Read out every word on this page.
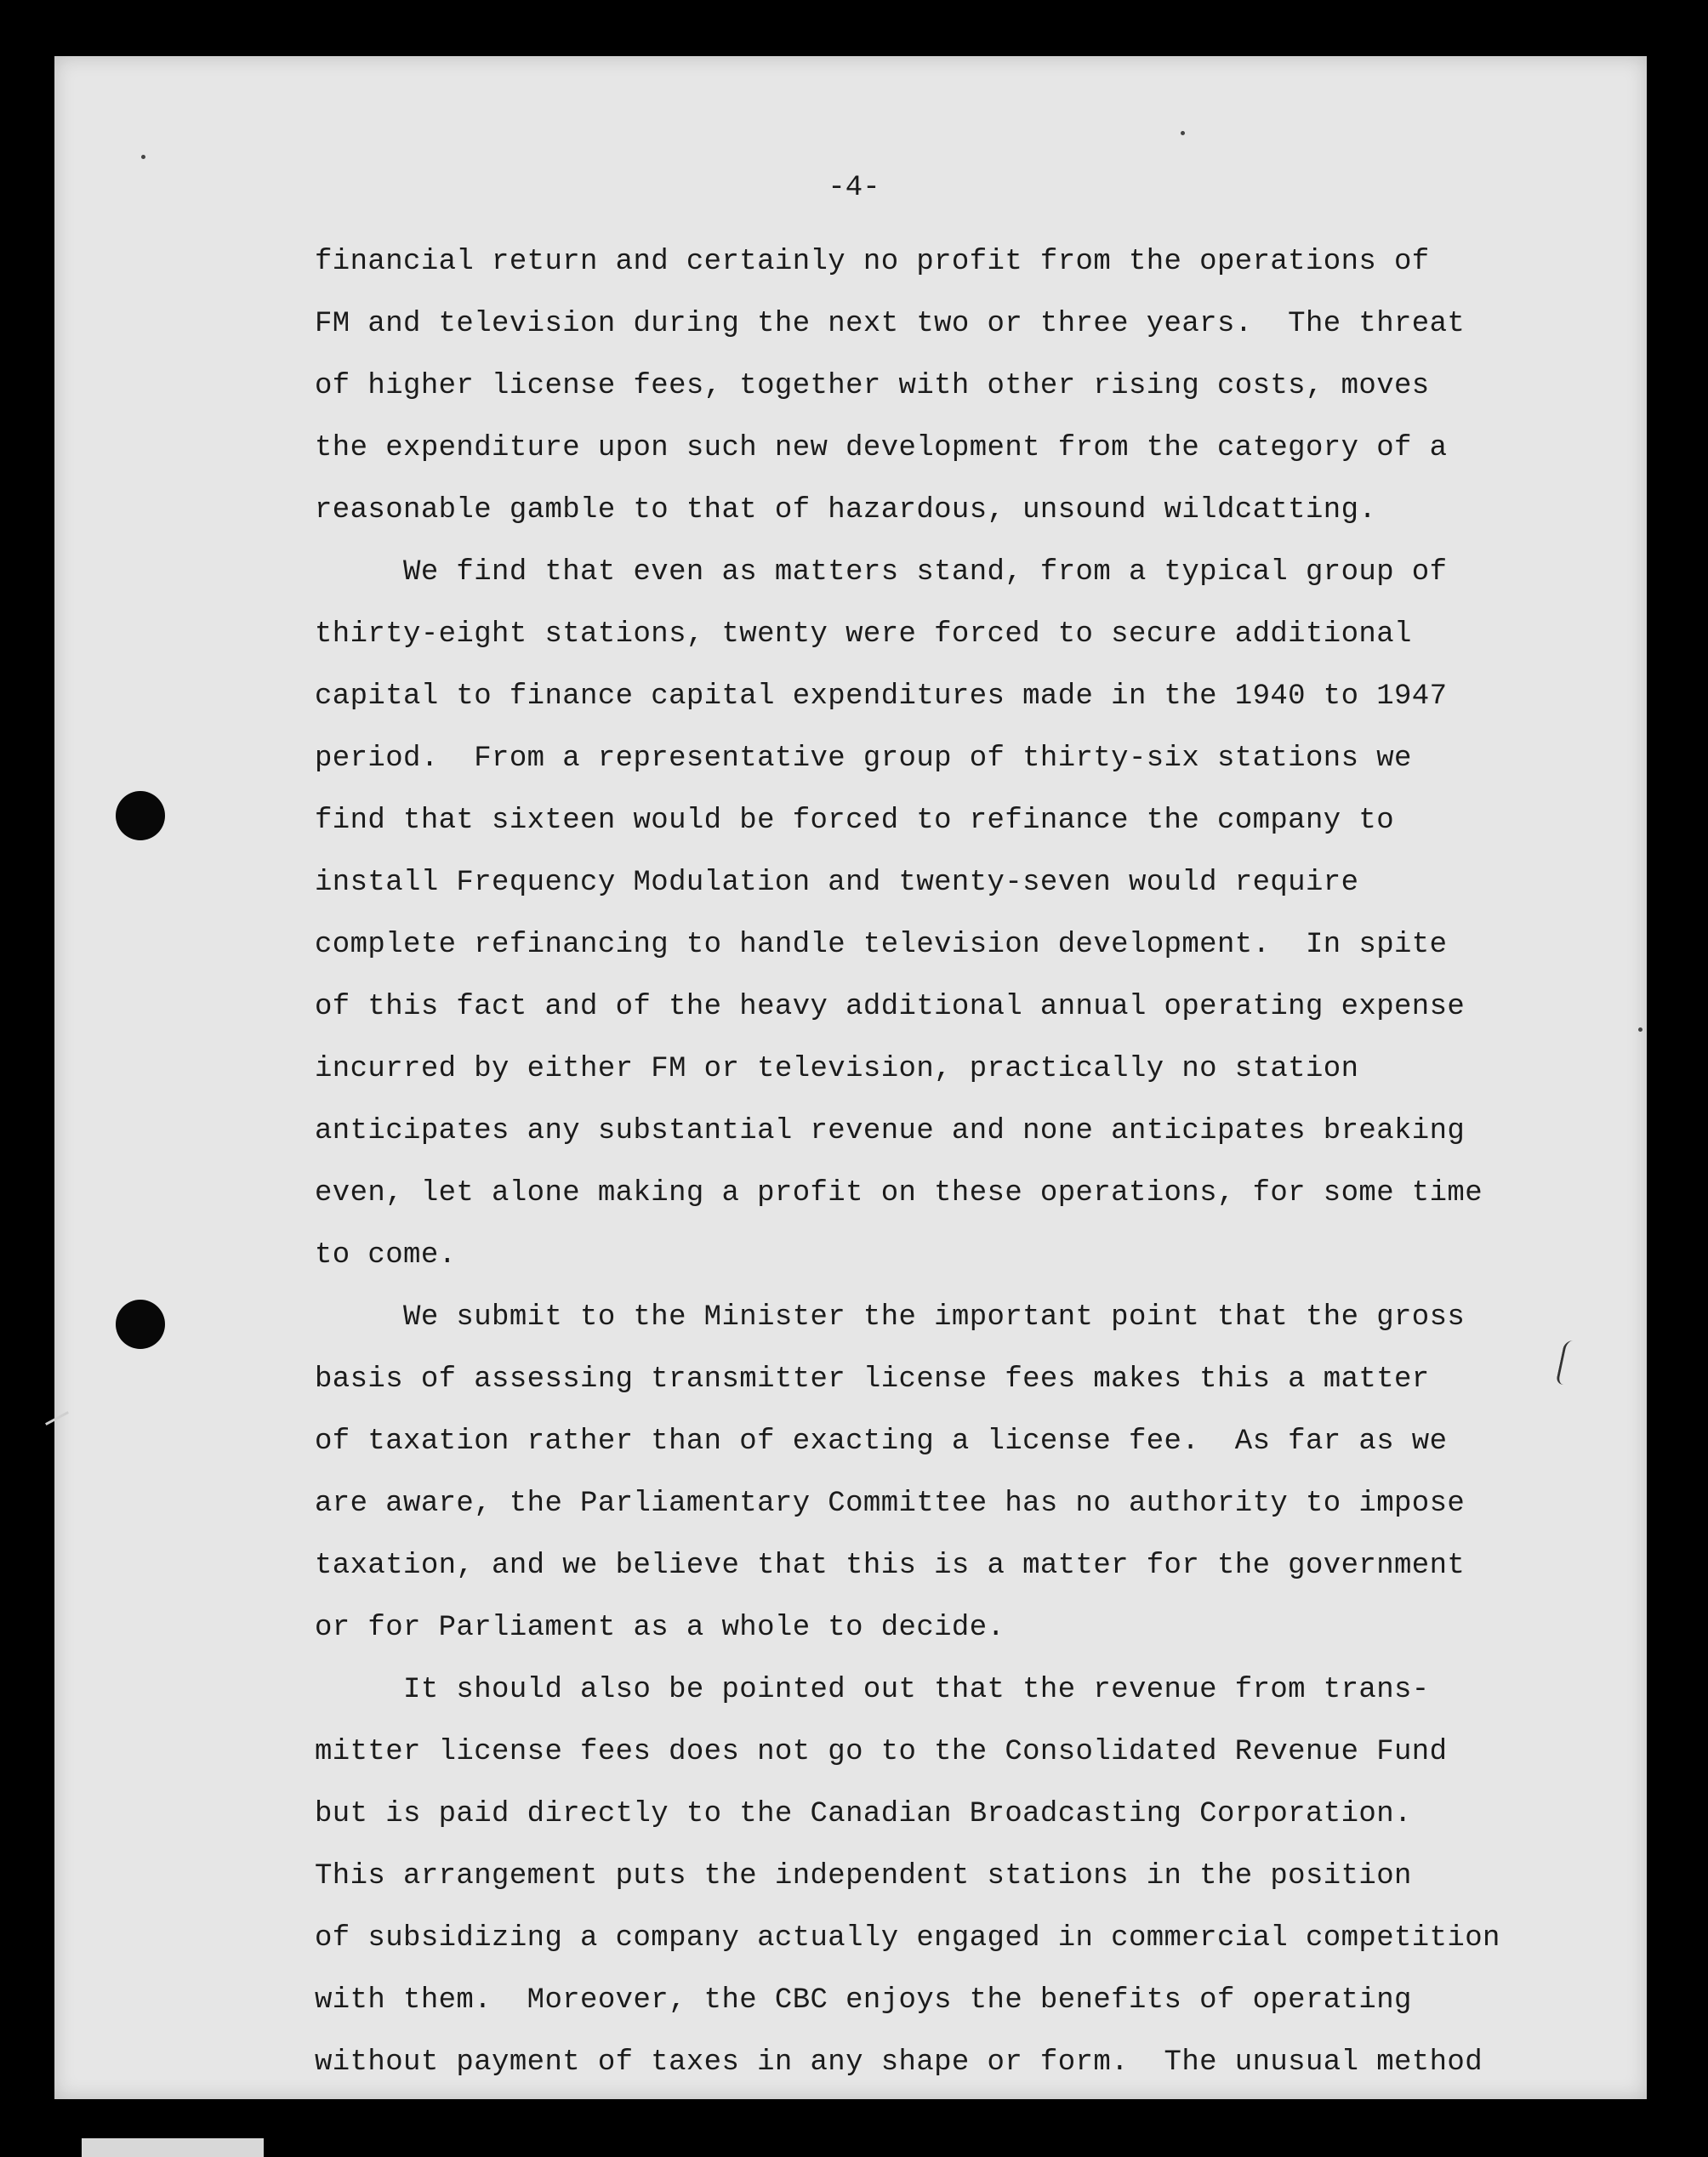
-4-

financial return and certainly no profit from the operations of

FM and television during the next two or three years.  The threat

of higher license fees, together with other rising costs, moves

the expenditure upon such new development from the category of a

reasonable gamble to that of hazardous, unsound wildcatting.

We find that even as matters stand, from a typical group of

thirty-eight stations, twenty were forced to secure additional

capital to finance capital expenditures made in the 1940 to 1947

period.  From a representative group of thirty-six stations we

find that sixteen would be forced to refinance the company to

install Frequency Modulation and twenty-seven would require

complete refinancing to handle television development.  In spite

of this fact and of the heavy additional annual operating expense

incurred by either FM or television, practically no station

anticipates any substantial revenue and none anticipates breaking

even, let alone making a profit on these operations, for some time

to come.

We submit to the Minister the important point that the gross

basis of assessing transmitter license fees makes this a matter

of taxation rather than of exacting a license fee.  As far as we

are aware, the Parliamentary Committee has no authority to impose

taxation, and we believe that this is a matter for the government

or for Parliament as a whole to decide.

It should also be pointed out that the revenue from trans-

mitter license fees does not go to the Consolidated Revenue Fund

but is paid directly to the Canadian Broadcasting Corporation.

This arrangement puts the independent stations in the position

of subsidizing a company actually engaged in commercial competition

with them.  Moreover, the CBC enjoys the benefits of operating

without payment of taxes in any shape or form.  The unusual method
